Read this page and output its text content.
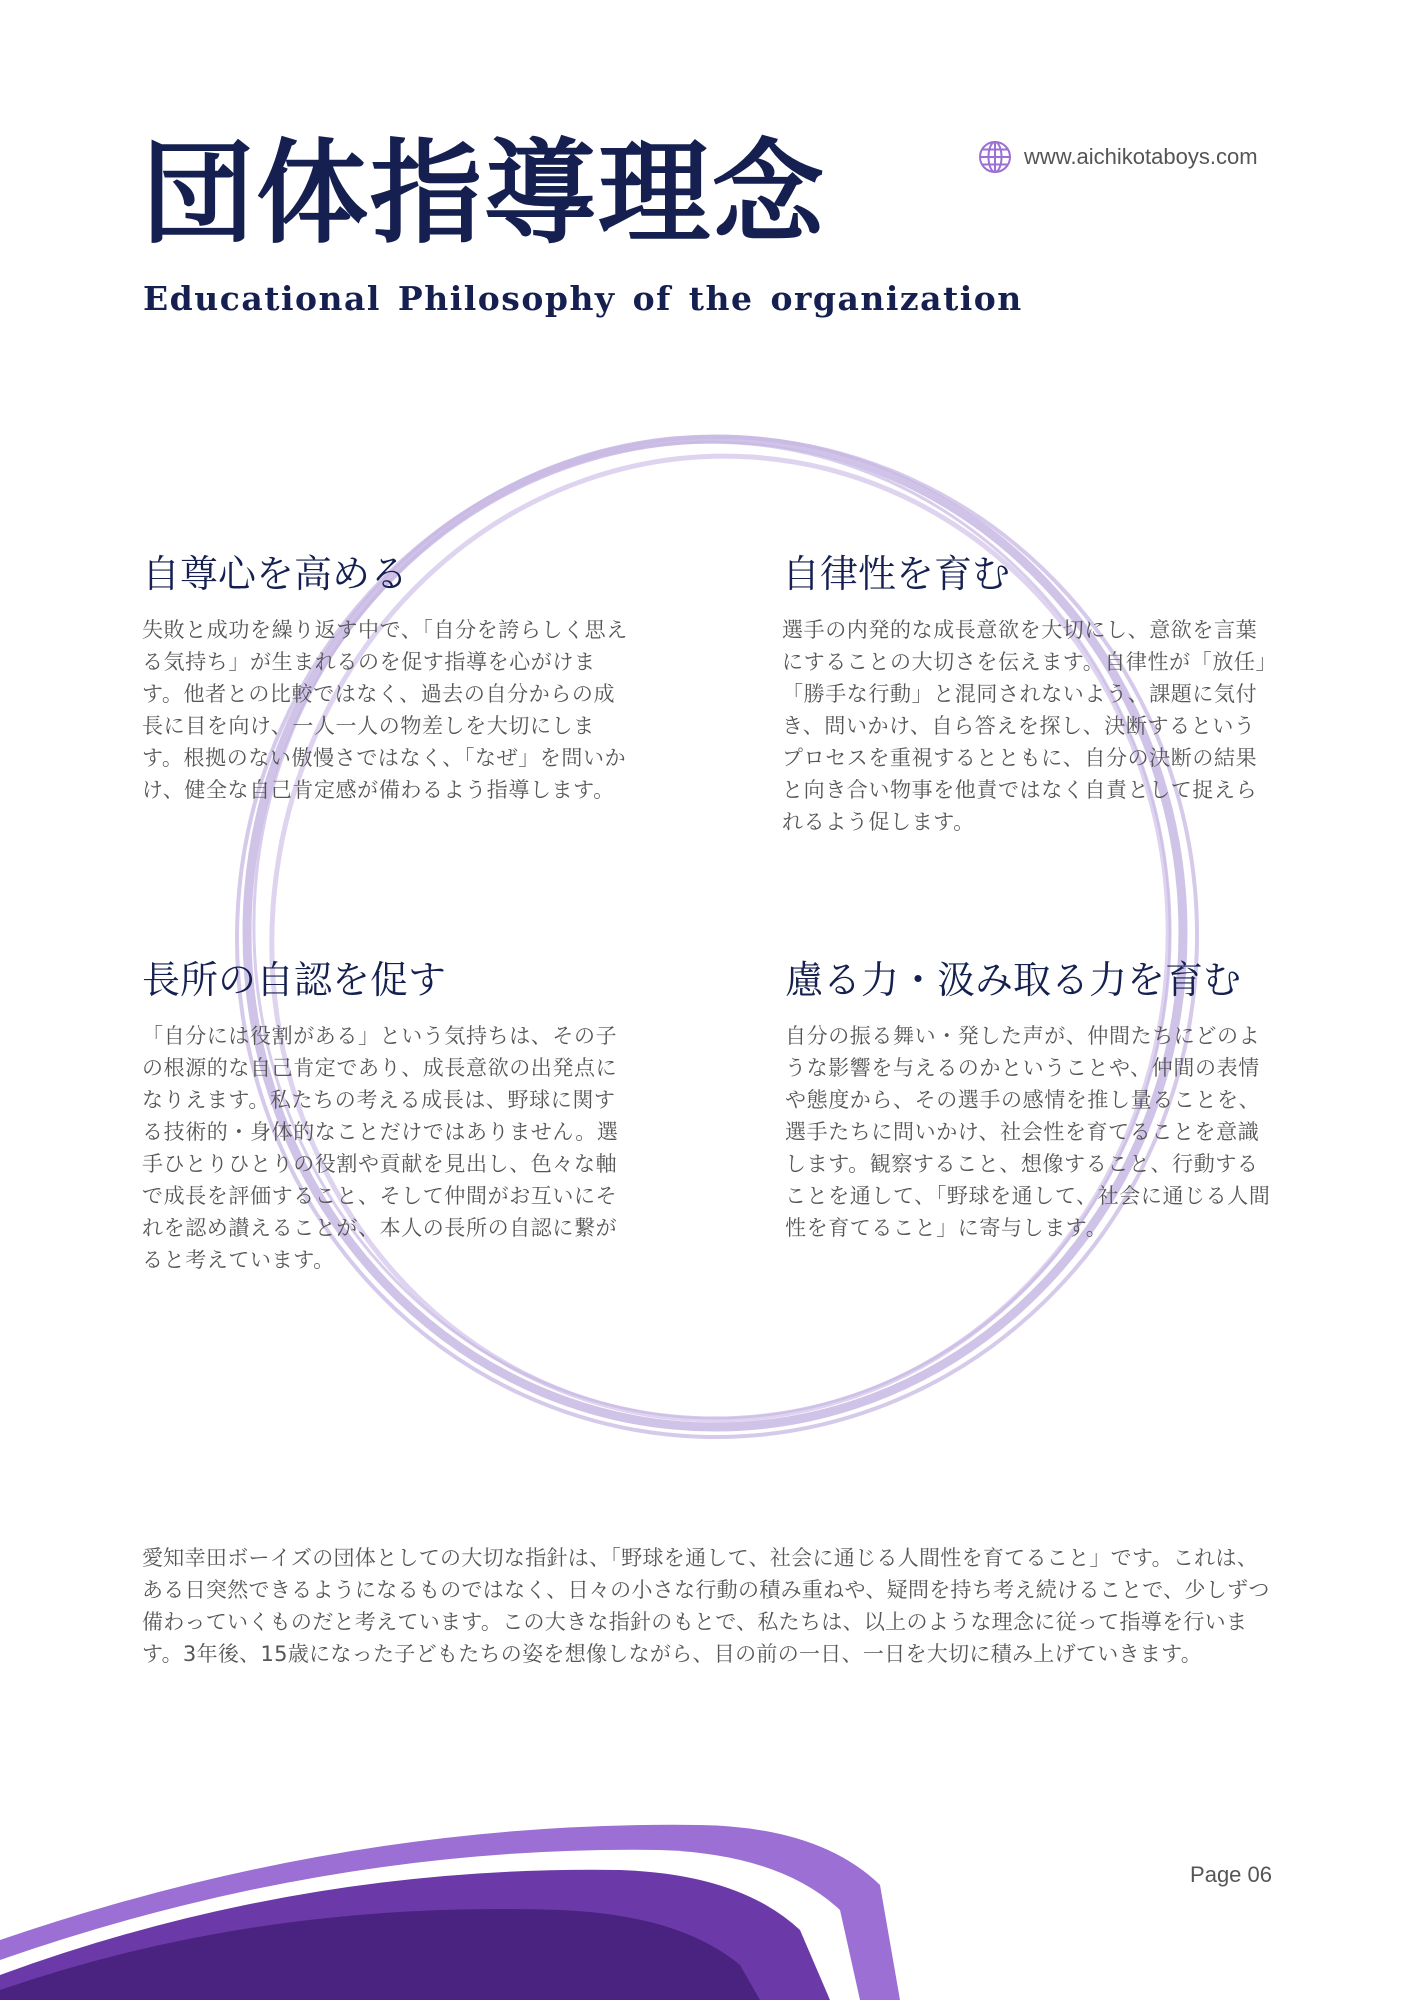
団体指導理念
Educational Philosophy of the organization
www.aichikotaboys.com
自尊心を高める

失敗と成功を繰り返す中で、「自分を誇らしく思える気持ち」が生まれるのを促す指導を心がけます。他者との比較ではなく、過去の自分からの成長に目を向け、一人一人の物差しを大切にします。根拠のない傲慢さではなく、「なぜ」を問いかけ、健全な自己肯定感が備わるよう指導します。

自律性を育む

選手の内発的な成長意欲を大切にし、意欲を言葉にすることの大切さを伝えます。自律性が「放任」「勝手な行動」と混同されないよう、課題に気付き、問いかけ、自ら答えを探し、決断するというプロセスを重視するとともに、自分の決断の結果と向き合い物事を他責ではなく自責として捉えられるよう促します。

長所の自認を促す

「自分には役割がある」という気持ちは、その子の根源的な自己肯定であり、成長意欲の出発点になりえます。私たちの考える成長は、野球に関する技術的・身体的なことだけではありません。選手ひとりひとりの役割や貢献を見出し、色々な軸で成長を評価すること、そして仲間がお互いにそれを認め讃えることが、本人の長所の自認に繋がると考えています。

慮る力・汲み取る力を育む

自分の振る舞い・発した声が、仲間たちにどのような影響を与えるのかということや、仲間の表情や態度から、その選手の感情を推し量ることを、選手たちに問いかけ、社会性を育てることを意識します。観察すること、想像すること、行動することを通して、「野球を通して、社会に通じる人間性を育てること」に寄与します。

愛知幸田ボーイズの団体としての大切な指針は、「野球を通して、社会に通じる人間性を育てること」です。これは、ある日突然できるようになるものではなく、日々の小さな行動の積み重ねや、疑問を持ち考え続けることで、少しずつ備わっていくものだと考えています。この大きな指針のもとで、私たちは、以上のような理念に従って指導を行います。3年後、15歳になった子どもたちの姿を想像しながら、目の前の一日、一日を大切に積み上げていきます。

Page 06
